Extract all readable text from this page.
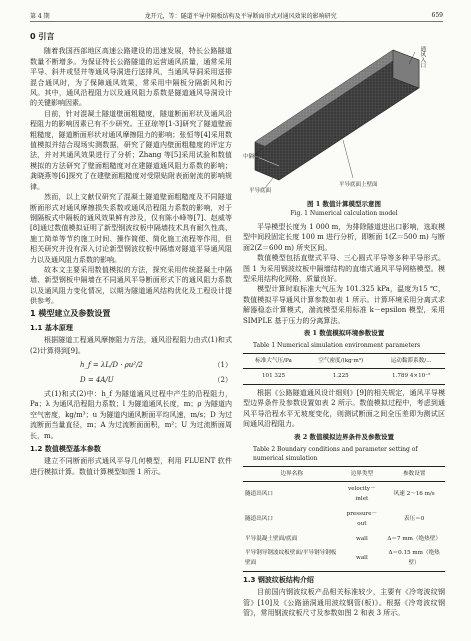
第 4 期	龙开元，等：隧道平导中隔板结构及平导断面形式对通风效果的影响研究	659
0 引言

随着我国西部地区高速公路建设的迅速发展，特长公路隧道数量不断增多。为保证特长公路隧道的运营通风质量，通常采用平导、斜井或竖井等通风导洞进行送排风，当通风导洞采用送排混合通风时，为了保障通风效果，常采用中隔板分隔新风和污风。其中，通风沿程阻力以及通风阻力系数是隧道通风导洞设计的关键影响因素。

目前，针对混凝土隧道壁面粗糙度，隧道断面形状及通风沿程阻力的影响因素已有不少研究。王亚琼等[1-3]研究了隧道壁面粗糙度，隧道断面形状对通风摩擦阻力的影响；张恒等[4]采用数值模拟并结合现场实测数据，研究了隧道内壁面粗糙度的评定方法，并对其通风效果进行了分析；Zhang 等[5]采用试验和数值模拟的方法研究了壁面粗糙度对在建隧道通风阻力系数的影响；龚晓燕等[6]探究了在建壁面粗糙度对受限贴附表面射流的影响规律。

然而，以上文献仅研究了混凝土隧道壁面粗糙度及不同隧道断面形式对通风摩擦损失系数或通风沿程阻力系数的影响，对于钢隔板式中隔板的通风效果鲜有涉及，仅有陈小峰等[7]、赵威等[8]通过数值模拟证明了新型钢波纹板中隔墙技术具有耐久性高、施工简单等节约施工时间、操作简便、简化施工流程等作用，但相关研究并没有深入讨论新型钢波纹板中隔墙对隧道平导通风阻力以及通风阻力系数的影响。

故本文主要采用数值模拟的方法，探究采用传统混凝土中隔墙、新型钢板中隔墙在不同通风平导断面形式下的通风阻力系数以及通风阻力变化情况，以期为隧道通风结构优化及工程设计提供参考。

1 模型建立及参数设置
1.1 基本原理

根据隧道工程通风摩擦阻力方法，通风沿程阻力由式(1)和式(2)计算得到[9]。

h_f = λL/D · ρu²/2	（1）
D = 4A/U	（2）

式(1)和式(2)中：h_f 为隧道通风过程中产生的沿程阻力，Pa；λ 为通风沿程阻力系数；l 为隧道通风长度，m；ρ 为隧道内空气密度，kg/m³；u 为隧道内通风断面平均风速，m/s；D 为过流断面当量直径，m；A 为过流断面面积，m²；U 为过流断面周长，m。

1.2 数值模型基本参数

建立不同断面形式通风平导几何模型，利用 FLUENT 软件进行模拟计算。数值计算模型如图 1 所示。

通风入口
中隔板
平导底面
平导底面上壁面
图 1 数值计算模型示意图
Fig. 1 Numerical calculation model

平导模型长度为 1 000 m，为排除隧道进出口影响，选取模型中间段固定长度 100 m 进行分析，即断面 1(Z＝500 m) 与断面2(Z＝600 m) 所夹区间。

数值模型包括直壁式平导、三心圆式平导等多种平导形式。图 1 为采用钢波纹板中隔墙结构的直墙式通风平导网格模型。模型采用结构化网格，质量良好。

模型计算时取标准大气压为 101.325 kPa，温度为15 ℃，数值模拟平导通风计算参数如表 1 所示。计算环境采用分离式求解器稳态计算模式，湍流模型采用标准 k－epsilon 模型，采用 SIMPLE 基于压力的分离算法。

表 1 数值模拟环境参数设置
Table 1 Numerical simulation environment parameters
标准大气压/Pa	空气密度/(kg·m³)	运动黏滞系数/…
101 325	1.225	1.789 4×10⁻⁵

根据《公路隧道通风设计细则》[9]的相关规定，通风平导模型边界条件及参数设置如表 2 所示。数值模拟过程中，考虑到通风平导沿程水平无坡度变化，则测试断面之间全压差即为测试区间通风沿程阻力。

表 2 数值模拟边界条件及参数设置
Table 2 Boundary conditions and parameter setting of numerical simulation
边界名称	边界类型	参数设置
隧道出风口	velocity－inlet	风速 2～16 m/s
隧道出风口	pressure－out	表压＝0
平导混凝土壁面/底面	wall	Δ＝7 mm（绝热壁）
平导钢导钢波纹板壁面/平导钢导钢板壁面	wall	Δ＝0.15 mm（绝热壁）
1.3 钢波纹板结构介绍

目前国内钢波纹板产品相关标准较少，主要有《冷弯波纹钢管》[10]及《公路涵洞通用波纹钢管(板)》。根据《冷弯波纹钢管》，常用钢波纹板尺寸及参数如图 2 和表 3 所示。
